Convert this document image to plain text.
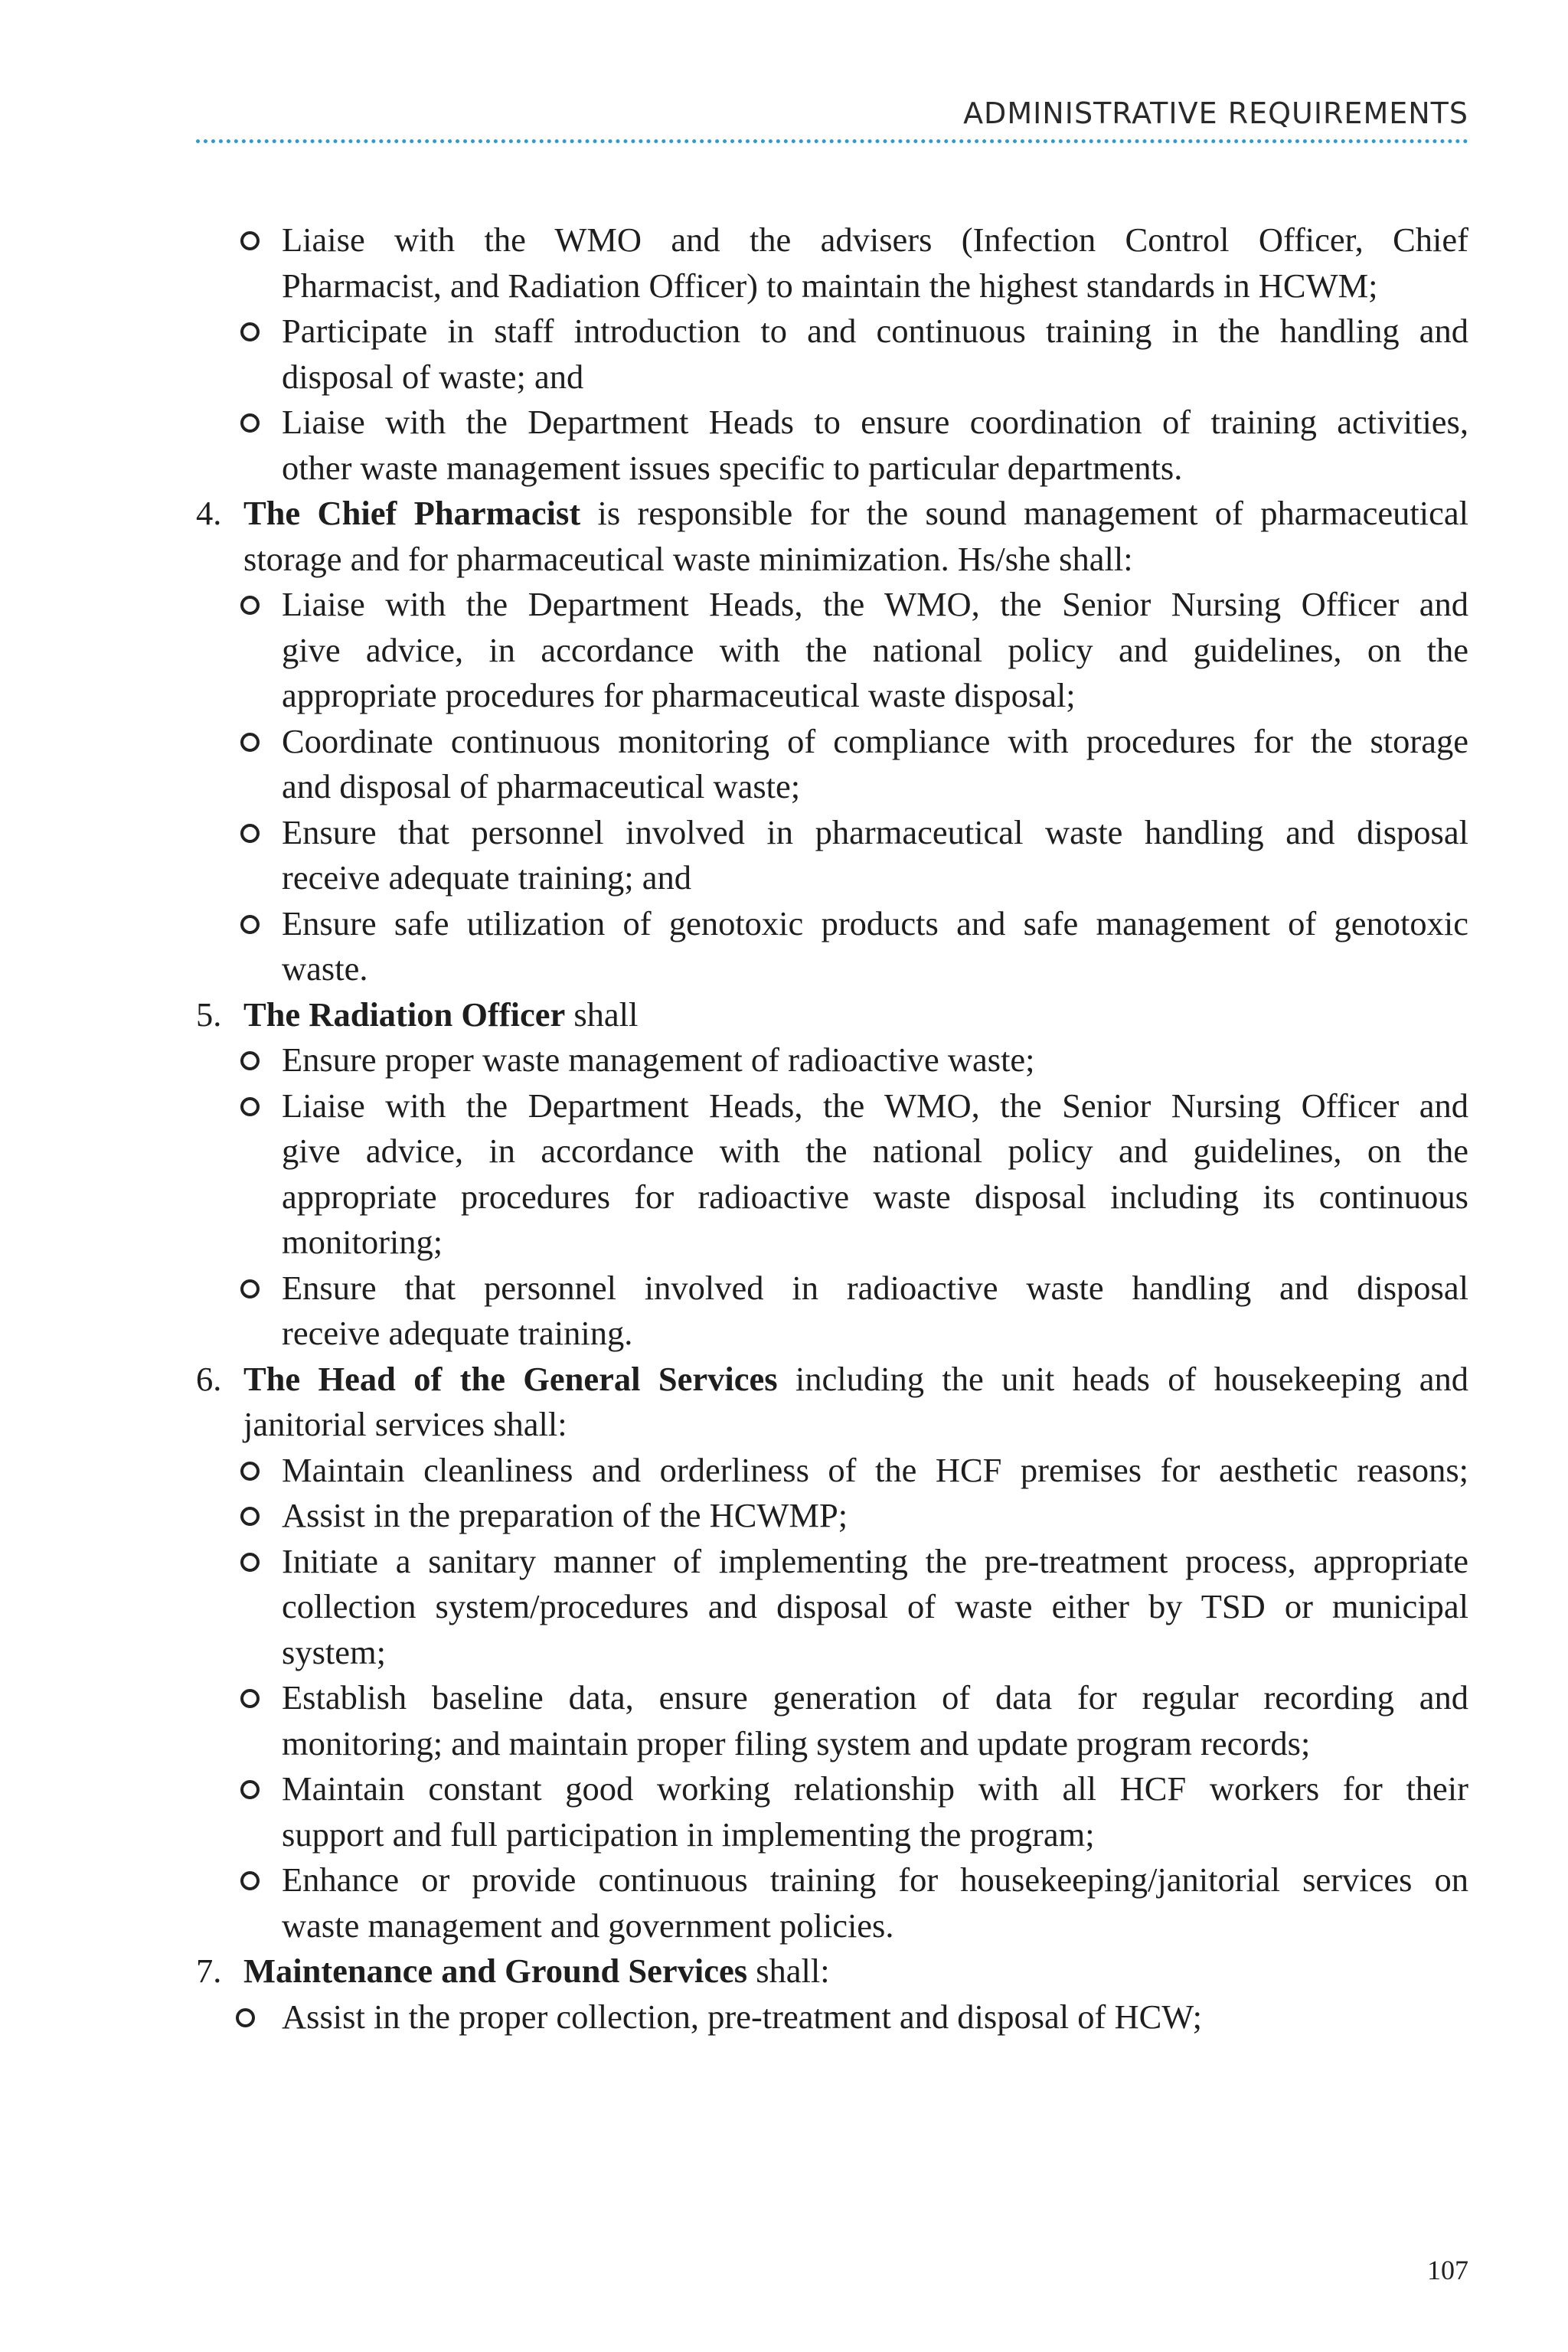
ADMINISTRATIVE REQUIREMENTS
Liaise with the WMO and the advisers (Infection Control Officer, Chief
Pharmacist, and Radiation Officer) to maintain the highest standards in HCWM;
Participate in staff introduction to and continuous training in the handling and
disposal of waste; and
Liaise with the Department Heads to ensure coordination of training activities,
other waste management issues specific to particular departments.
4. The Chief Pharmacist is responsible for the sound management of pharmaceutical
storage and for pharmaceutical waste minimization. Hs/she shall:
Liaise with the Department Heads, the WMO, the Senior Nursing Officer and
give advice, in accordance with the national policy and guidelines, on the
appropriate procedures for pharmaceutical waste disposal;
Coordinate continuous monitoring of compliance with procedures for the storage
and disposal of pharmaceutical waste;
Ensure that personnel involved in pharmaceutical waste handling and disposal
receive adequate training; and
Ensure safe utilization of genotoxic products and safe management of genotoxic
waste.
5. The Radiation Officer shall
Ensure proper waste management of radioactive waste;
Liaise with the Department Heads, the WMO, the Senior Nursing Officer and
give advice, in accordance with the national policy and guidelines, on the
appropriate procedures for radioactive waste disposal including its continuous
monitoring;
Ensure that personnel involved in radioactive waste handling and disposal
receive adequate training.
6. The Head of the General Services including the unit heads of housekeeping and
janitorial services shall:
Maintain cleanliness and orderliness of the HCF premises for aesthetic reasons;
Assist in the preparation of the HCWMP;
Initiate a sanitary manner of implementing the pre-treatment process, appropriate
collection system/procedures and disposal of waste either by TSD or municipal
system;
Establish baseline data, ensure generation of data for regular recording and
monitoring; and maintain proper filing system and update program records;
Maintain constant good working relationship with all HCF workers for their
support and full participation in implementing the program;
Enhance or provide continuous training for housekeeping/janitorial services on
waste management and government policies.
7. Maintenance and Ground Services shall:
Assist in the proper collection, pre-treatment and disposal of HCW;
107
